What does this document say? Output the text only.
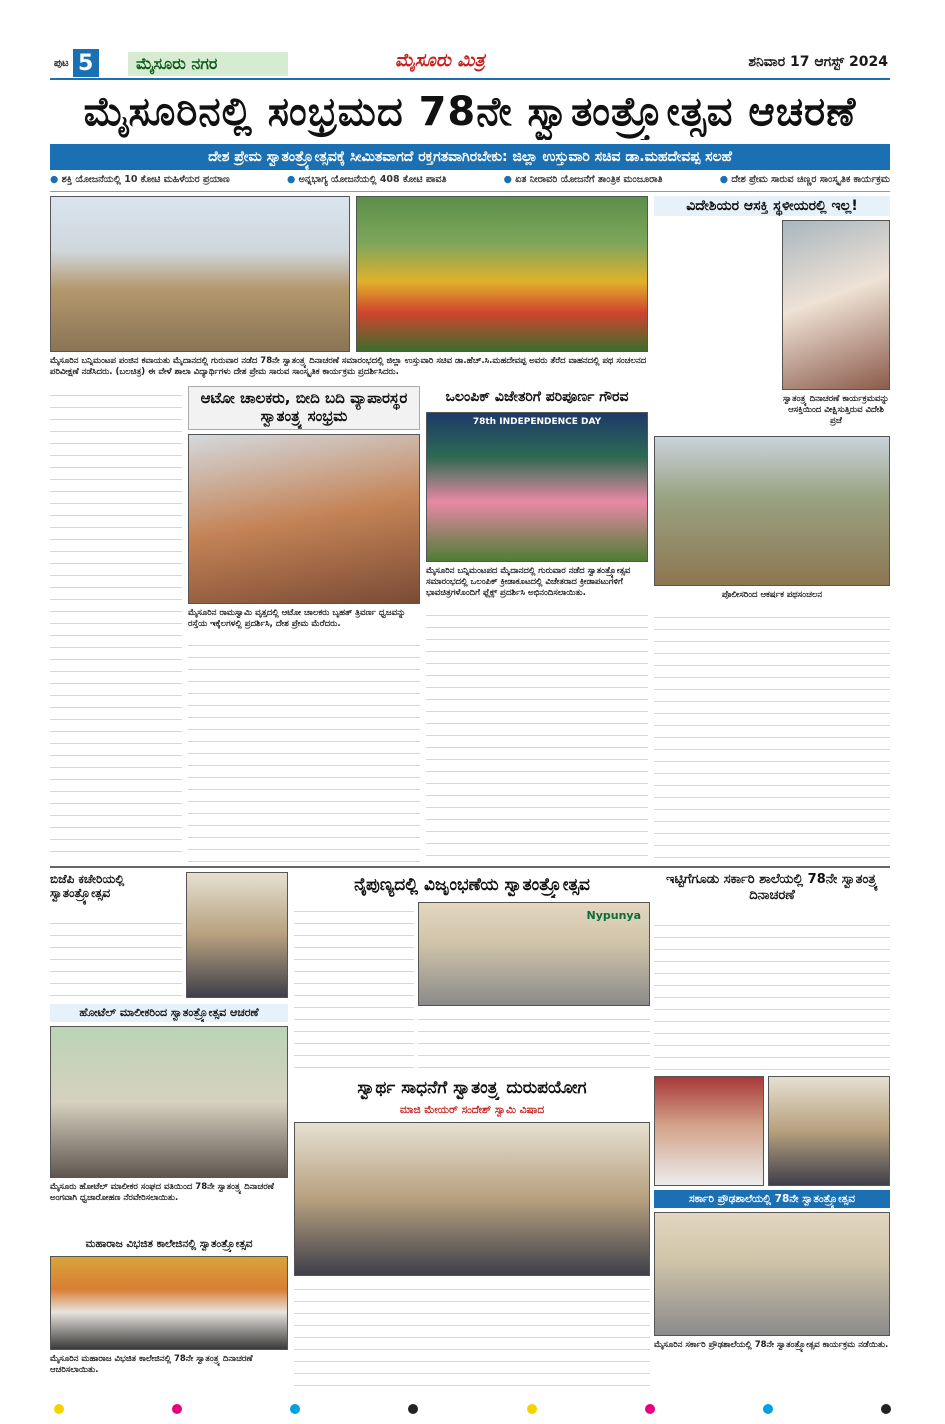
ಪುಟ 5	ಮೈಸೂರು ನಗರ	ಮೈಸೂರು ಮಿತ್ರ	ಶನಿವಾರ 17 ಆಗಸ್ಟ್ 2024
ಮೈಸೂರಿನಲ್ಲಿ ಸಂಭ್ರಮದ 78ನೇ ಸ್ವಾತಂತ್ರ್ಯೋತ್ಸವ ಆಚರಣೆ
ದೇಶ ಪ್ರೇಮ ಸ್ವಾತಂತ್ರ್ಯೋತ್ಸವಕ್ಕೆ ಸೀಮಿತವಾಗದೆ ರಕ್ತಗತವಾಗಿರಬೇಕು: ಜಿಲ್ಲಾ ಉಸ್ತುವಾರಿ ಸಚಿವ ಡಾ.ಮಹದೇವಪ್ಪ ಸಲಹೆ
● ಶಕ್ತಿ ಯೋಜನೆಯಲ್ಲಿ 10 ಕೋಟಿ ಮಹಿಳೆಯರ ಪ್ರಯಾಣ	● ಅನ್ನಭಾಗ್ಯ ಯೋಜನೆಯಲ್ಲಿ 408 ಕೋಟಿ ಪಾವತಿ	● ಏತ ನೀರಾವರಿ ಯೋಜನೆಗೆ ತಾಂತ್ರಿಕ ಮಂಜೂರಾತಿ	● ದೇಶ ಪ್ರೇಮ ಸಾರುವ ಚಿಣ್ಣರ ಸಾಂಸ್ಕೃತಿಕ ಕಾರ್ಯಕ್ರಮ
ಮೈಸೂರಿನ ಬನ್ನಿಮಂಟಪ ಪಂಜಿನ ಕವಾಯತು ಮೈದಾನದಲ್ಲಿ ಗುರುವಾರ ನಡೆದ 78ನೇ ಸ್ವಾತಂತ್ರ್ಯ ದಿನಾಚರಣೆ ಸಮಾರಂಭದಲ್ಲಿ ಜಿಲ್ಲಾ ಉಸ್ತುವಾರಿ ಸಚಿವ ಡಾ.ಹೆಚ್.ಸಿ.ಮಹದೇವಪ್ಪ ಅವರು ತೆರೆದ ವಾಹನದಲ್ಲಿ ಪಥ ಸಂಚಲನದ ಪರಿವೀಕ್ಷಣೆ ನಡೆಸಿದರು. (ಬಲಚಿತ್ರ) ಈ ವೇಳೆ ಶಾಲಾ ವಿದ್ಯಾರ್ಥಿಗಳು ದೇಶ ಪ್ರೇಮ ಸಾರುವ ಸಾಂಸ್ಕೃತಿಕ ಕಾರ್ಯಕ್ರಮ ಪ್ರದರ್ಶಿಸಿದರು.
ವಿದೇಶಿಯರ ಆಸಕ್ತಿ ಸ್ಥಳೀಯರಲ್ಲಿ ಇಲ್ಲ!
ಸ್ವಾತಂತ್ರ್ಯ ದಿನಾಚರಣೆ ಕಾರ್ಯಕ್ರಮವನ್ನು ಆಸಕ್ತಿಯಿಂದ ವೀಕ್ಷಿಸುತ್ತಿರುವ ವಿದೇಶಿ ಪ್ರಜೆ
ಆಟೋ ಚಾಲಕರು, ಬೀದಿ ಬದಿ ವ್ಯಾಪಾರಸ್ಥರ ಸ್ವಾತಂತ್ರ್ಯ ಸಂಭ್ರಮ
ಮೈಸೂರಿನ ರಾಮಸ್ವಾಮಿ ವೃತ್ತದಲ್ಲಿ ಆಟೋ ಚಾಲಕರು ಬೃಹತ್ ತ್ರಿವರ್ಣ ಧ್ವಜವನ್ನು ರಸ್ತೆಯ ಇಕ್ಕೆಲಗಳಲ್ಲಿ ಪ್ರದರ್ಶಿಸಿ, ದೇಶ ಪ್ರೇಮ ಮೆರೆದರು.
ಒಲಂಪಿಕ್ ವಿಜೇತರಿಗೆ ಪರಿಪೂರ್ಣ ಗೌರವ
78th INDEPENDENCE DAY
ಮೈಸೂರಿನ ಬನ್ನಿಮಂಟಪದ ಮೈದಾನದಲ್ಲಿ ಗುರುವಾರ ನಡೆದ ಸ್ವಾತಂತ್ರ್ಯೋತ್ಸವ ಸಮಾರಂಭದಲ್ಲಿ ಒಲಂಪಿಕ್ ಕ್ರೀಡಾಕೂಟದಲ್ಲಿ ವಿಜೇತರಾದ ಕ್ರೀಡಾಪಟುಗಳಿಗೆ ಭಾವಚಿತ್ರಗಳೊಂದಿಗೆ ಫ್ಲೆಕ್ಸ್ ಪ್ರದರ್ಶಿಸಿ ಅಭಿನಂದಿಸಲಾಯಿತು.	ಪೊಲೀಸರಿಂದ ಆಕರ್ಷಕ ಪಥಸಂಚಲನ
ಬಿಜೆಪಿ ಕಚೇರಿಯಲ್ಲಿ ಸ್ವಾತಂತ್ರ್ಯೋತ್ಸವ
ಹೋಟೆಲ್ ಮಾಲೀಕರಿಂದ ಸ್ವಾತಂತ್ರ್ಯೋತ್ಸವ ಆಚರಣೆ
ಮೈಸೂರು ಹೋಟೆಲ್ ಮಾಲೀಕರ ಸಂಘದ ವತಿಯಿಂದ 78ನೇ ಸ್ವಾತಂತ್ರ್ಯ ದಿನಾಚರಣೆ ಅಂಗವಾಗಿ ಧ್ವಜಾರೋಹಣ ನೆರವೇರಿಸಲಾಯಿತು.
ಮಹಾರಾಜ ವಿಭಜಿತ ಕಾಲೇಜಿನಲ್ಲಿ ಸ್ವಾತಂತ್ರ್ಯೋತ್ಸವ
ಮೈಸೂರಿನ ಮಹಾರಾಜ ವಿಭಜಿತ ಕಾಲೇಜಿನಲ್ಲಿ 78ನೇ ಸ್ವಾತಂತ್ರ್ಯ ದಿನಾಚರಣೆ ಆಚರಿಸಲಾಯಿತು.
ನೈಪುಣ್ಯದಲ್ಲಿ ವಿಜೃಂಭಣೆಯ ಸ್ವಾತಂತ್ರ್ಯೋತ್ಸವ
Nypunya
ಇಟ್ಟಿಗೆಗೂಡು ಸರ್ಕಾರಿ ಶಾಲೆಯಲ್ಲಿ 78ನೇ ಸ್ವಾತಂತ್ರ್ಯ ದಿನಾಚರಣೆ
ಸ್ವಾರ್ಥ ಸಾಧನೆಗೆ ಸ್ವಾತಂತ್ರ್ಯ ದುರುಪಯೋಗ
ಮಾಜಿ ಮೇಯರ್ ಸಂದೇಶ್ ಸ್ವಾಮಿ ವಿಷಾದ
ಸರ್ಕಾರಿ ಪ್ರೌಢಶಾಲೆಯಲ್ಲಿ 78ನೇ ಸ್ವಾತಂತ್ರ್ಯೋತ್ಸವ
ಮೈಸೂರಿನ ಸರ್ಕಾರಿ ಪ್ರೌಢಶಾಲೆಯಲ್ಲಿ 78ನೇ ಸ್ವಾತಂತ್ರ್ಯೋತ್ಸವ ಕಾರ್ಯಕ್ರಮ ನಡೆಯಿತು.
